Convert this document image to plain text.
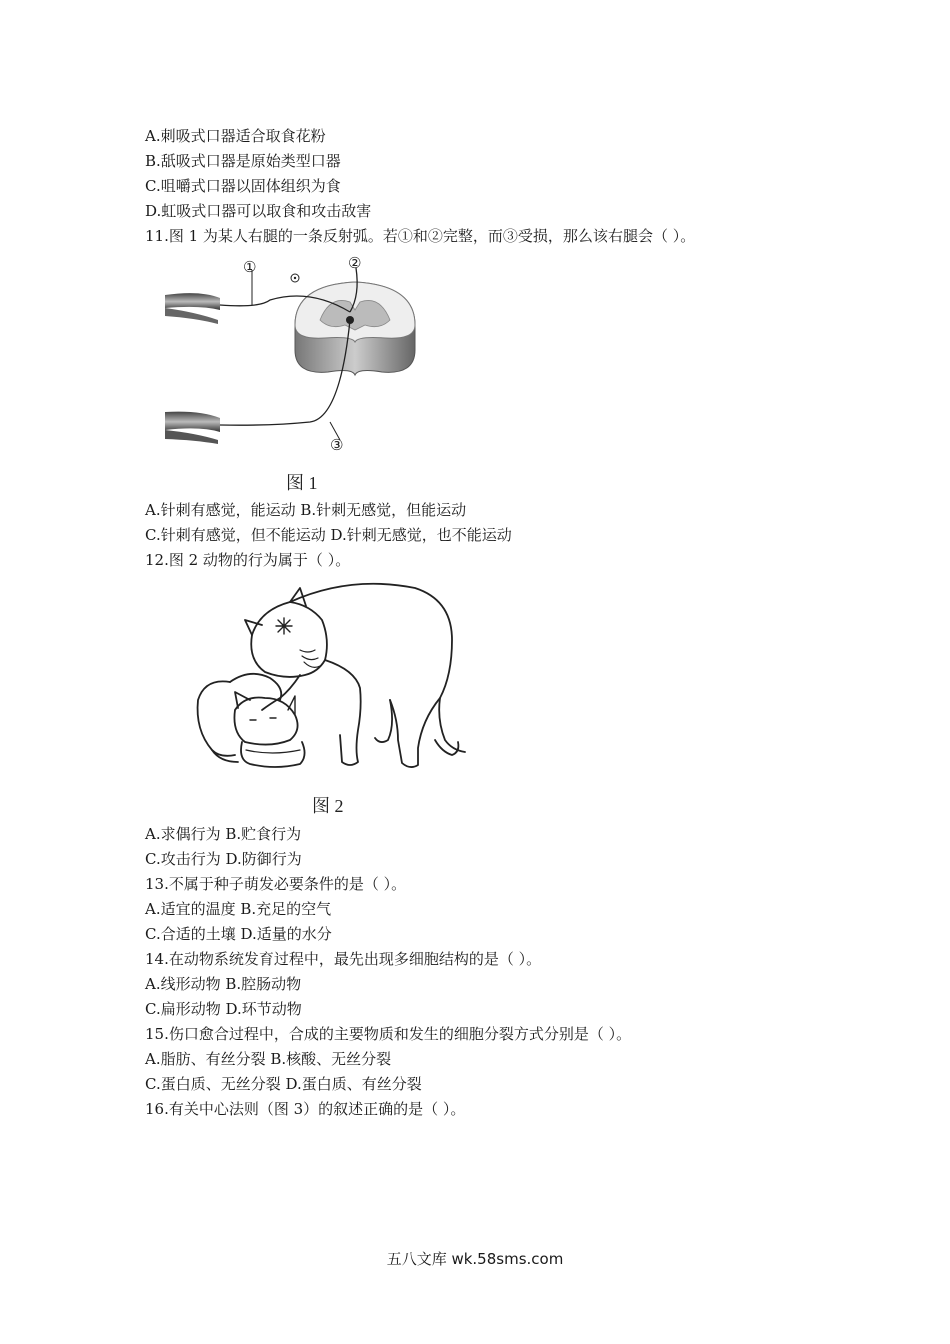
A.刺吸式口器适合取食花粉
B.舐吸式口器是原始类型口器
C.咀嚼式口器以固体组织为食
D.虹吸式口器可以取食和攻击敌害
11.图 1 为某人右腿的一条反射弧。若①和②完整，而③受损，那么该右腿会（ ）。
①	②
③
图 1
A.针刺有感觉，能运动 B.针刺无感觉，但能运动
C.针刺有感觉，但不能运动 D.针刺无感觉，也不能运动
12.图 2 动物的行为属于（ ）。
图 2
A.求偶行为 B.贮食行为
C.攻击行为 D.防御行为
13.不属于种子萌发必要条件的是（ ）。
A.适宜的温度 B.充足的空气
C.合适的土壤 D.适量的水分
14.在动物系统发育过程中，最先出现多细胞结构的是（ ）。
A.线形动物 B.腔肠动物
C.扁形动物 D.环节动物
15.伤口愈合过程中，合成的主要物质和发生的细胞分裂方式分别是（ ）。
A.脂肪、有丝分裂 B.核酸、无丝分裂
C.蛋白质、无丝分裂 D.蛋白质、有丝分裂
16.有关中心法则（图 3）的叙述正确的是（ ）。
五八文库 wk.58sms.com
